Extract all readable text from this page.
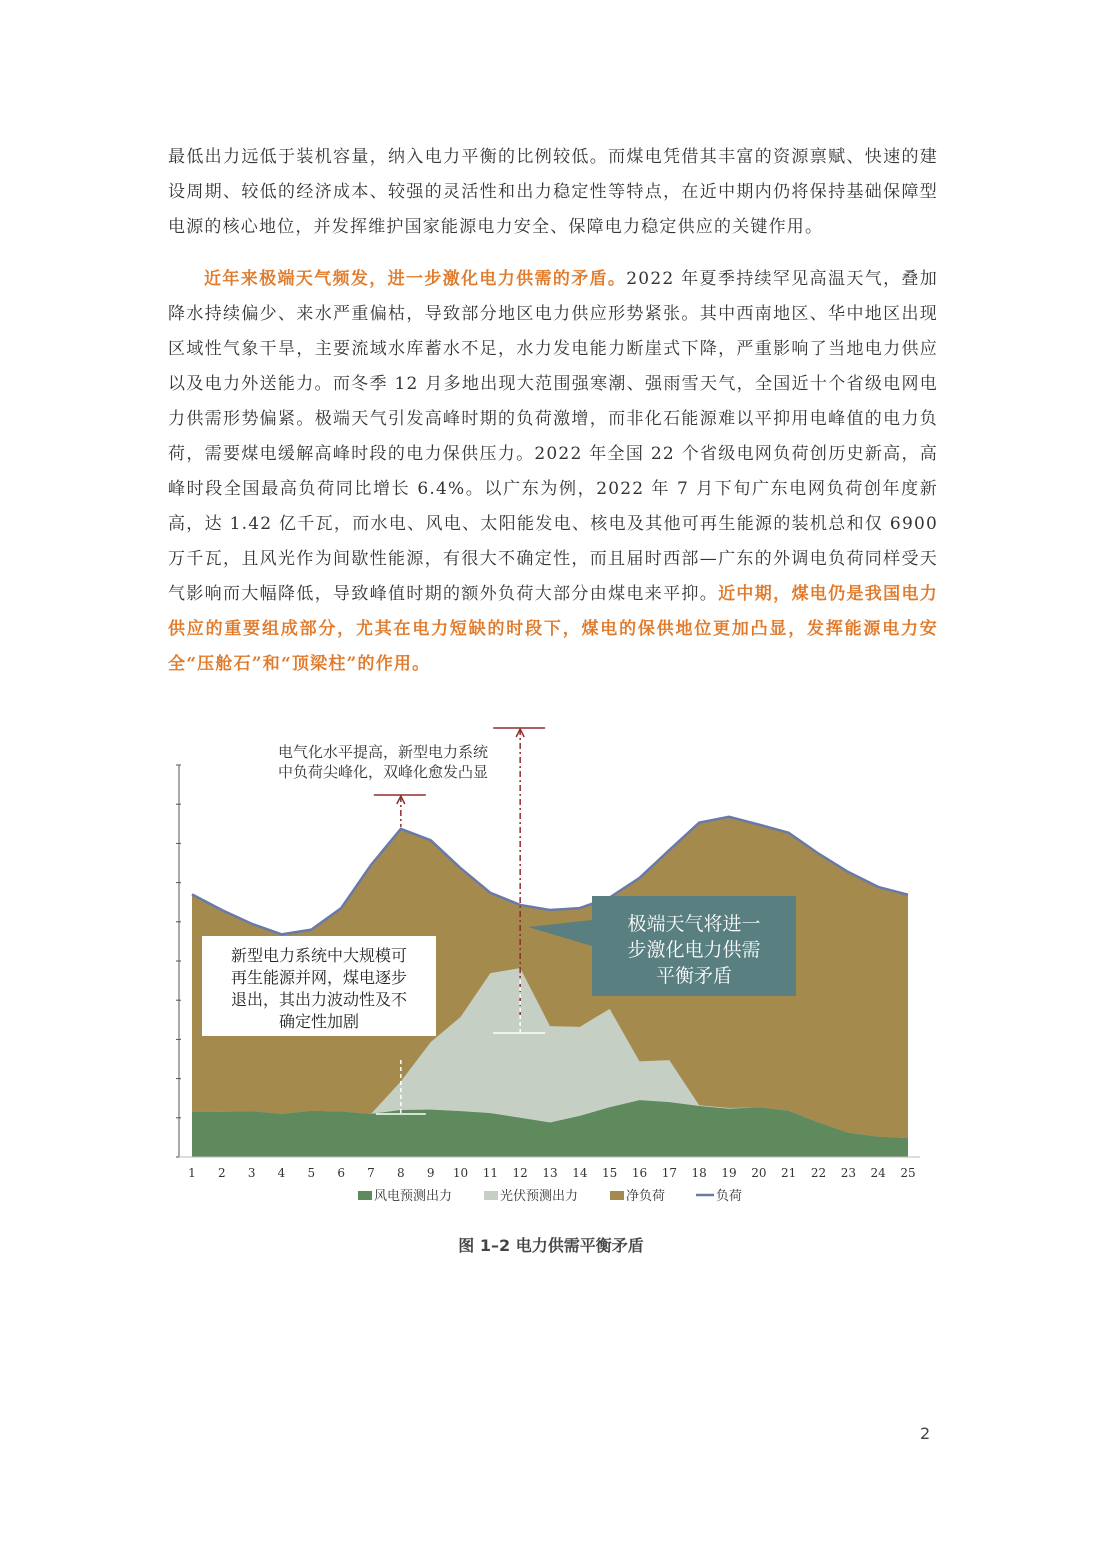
最低出力远低于装机容量，纳入电力平衡的比例较低。而煤电凭借其丰富的资源禀赋、快速的建设周期、较低的经济成本、较强的灵活性和出力稳定性等特点，在近中期内仍将保持基础保障型电源的核心地位，并发挥维护国家能源电力安全、保障电力稳定供应的关键作用。

近年来极端天气频发，进一步激化电力供需的矛盾。2022 年夏季持续罕见高温天气，叠加降水持续偏少、来水严重偏枯，导致部分地区电力供应形势紧张。其中西南地区、华中地区出现区域性气象干旱，主要流域水库蓄水不足，水力发电能力断崖式下降，严重影响了当地电力供应以及电力外送能力。而冬季 12 月多地出现大范围强寒潮、强雨雪天气，全国近十个省级电网电力供需形势偏紧。极端天气引发高峰时期的负荷激增，而非化石能源难以平抑用电峰值的电力负荷，需要煤电缓解高峰时段的电力保供压力。2022 年全国 22 个省级电网负荷创历史新高，高峰时段全国最高负荷同比增长 6.4%。以广东为例，2022 年 7 月下旬广东电网负荷创年度新高，达 1.42 亿千瓦，而水电、风电、太阳能发电、核电及其他可再生能源的装机总和仅 6900 万千瓦，且风光作为间歇性能源，有很大不确定性，而且届时西部—广东的外调电负荷同样受天气影响而大幅降低，导致峰值时期的额外负荷大部分由煤电来平抑。近中期，煤电仍是我国电力供应的重要组成部分，尤其在电力短缺的时段下，煤电的保供地位更加凸显，发挥能源电力安全“压舱石”和“顶梁柱”的作用。

1 2 3 4 5 6 7 8 9 10 11 12 13 14 15 16 17 18 19 20 21 22 23 24 25
电气化水平提高，新型电力系统
中负荷尖峰化，双峰化愈发凸显
新型电力系统中大规模可
再生能源并网，煤电逐步
退出，其出力波动性及不
确定性加剧
极端天气将进一
步激化电力供需
平衡矛盾
风电预测出力	光伏预测出力	净负荷	负荷
图 1–2 电力供需平衡矛盾
2
